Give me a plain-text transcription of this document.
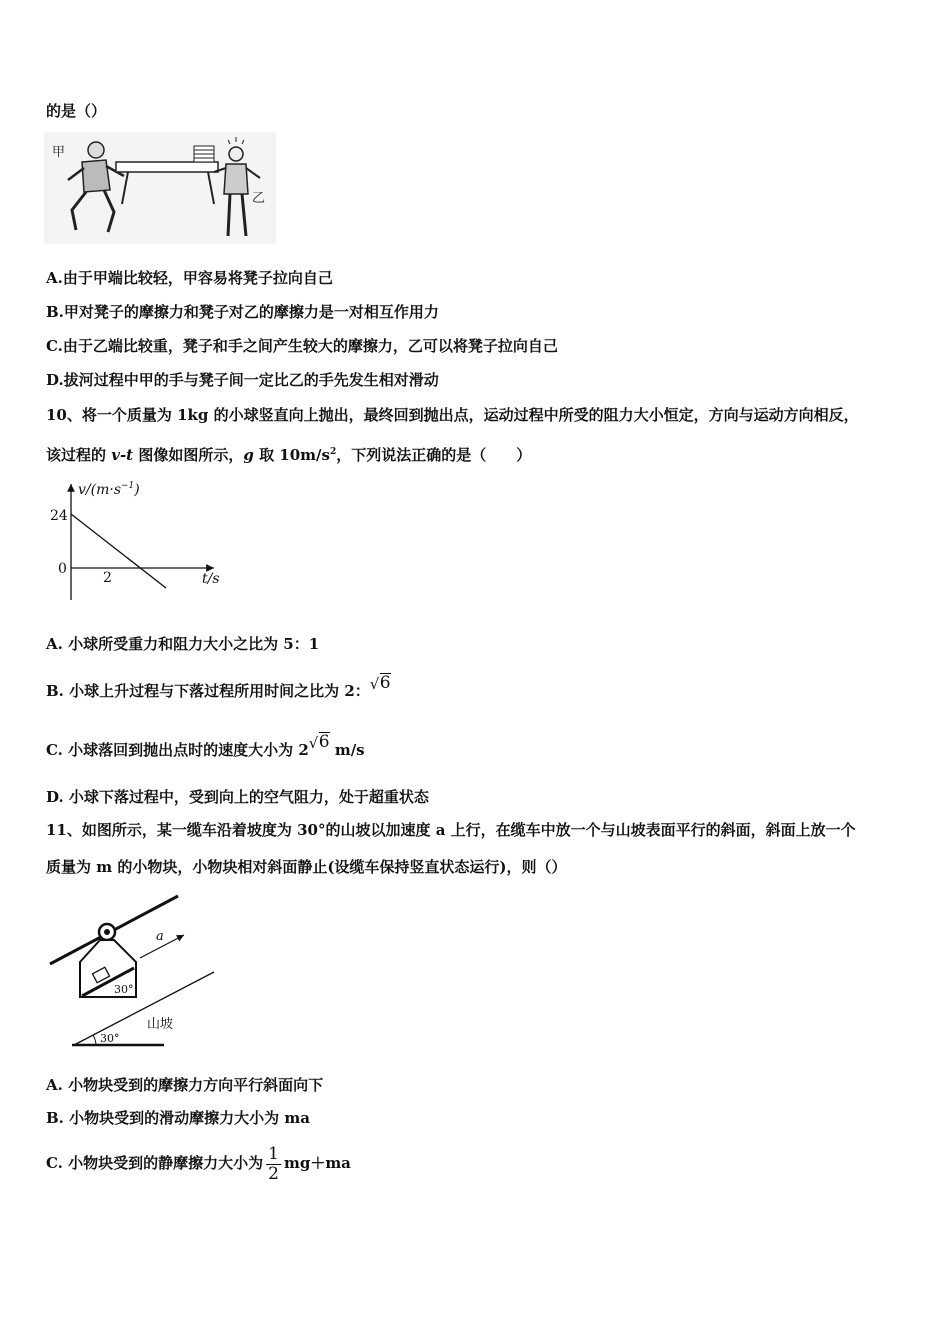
的是（）
甲
乙
A.由于甲端比较轻，甲容易将凳子拉向自己
B.甲对凳子的摩擦力和凳子对乙的摩擦力是一对相互作用力
C.由于乙端比较重，凳子和手之间产生较大的摩擦力，乙可以将凳子拉向自己
D.拔河过程中甲的手与凳子间一定比乙的手先发生相对滑动
10、将一个质量为 1kg 的小球竖直向上抛出，最终回到抛出点，运动过程中所受的阻力大小恒定，方向与运动方向相反，
该过程的 v-t 图像如图所示，g 取 $10m/s^2$，下列说法正确的是（　　）
$v/(m\cdot s^{-1})$
24
0
2	t/s
A. 小球所受重力和阻力大小之比为 5：1
B. 小球上升过程与下落过程所用时间之比为 2： √ 6
C. 小球落回到抛出点时的速度大小为 2 √ 6 m/s
D. 小球下落过程中，受到向上的空气阻力，处于超重状态
11、如图所示，某一缆车沿着坡度为 30°的山坡以加速度 a 上行，在缆车中放一个与山坡表面平行的斜面，斜面上放一个
质量为 m 的小物块，小物块相对斜面静止(设缆车保持竖直状态运行)，则（）
a
30°
30°
山坡
A. 小物块受到的摩擦力方向平行斜面向下
B. 小物块受到的滑动摩擦力大小为 ma
C. 小物块受到的静摩擦力大小为 $\frac{1}{2} mg+ma$
